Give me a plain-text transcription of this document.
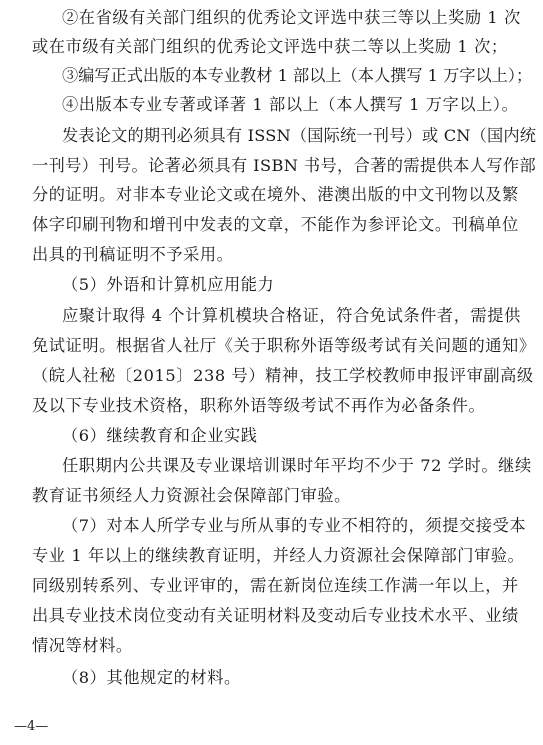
②在省级有关部门组织的优秀论文评选中获三等以上奖励 1 次
或在市级有关部门组织的优秀论文评选中获二等以上奖励 1 次；
③编写正式出版的本专业教材 1 部以上（本人撰写 1 万字以上）；
④出版本专业专著或译著 1 部以上（本人撰写 1 万字以上）。
发表论文的期刊必须具有 ISSN（国际统一刊号）或 CN（国内统
一刊号）刊号。论著必须具有 ISBN 书号，合著的需提供本人写作部
分的证明。对非本专业论文或在境外、港澳出版的中文刊物以及繁
体字印刷刊物和增刊中发表的文章，不能作为参评论文。刊稿单位
出具的刊稿证明不予采用。
（5）外语和计算机应用能力
应聚计取得 4 个计算机模块合格证，符合免试条件者，需提供
免试证明。根据省人社厅《关于职称外语等级考试有关问题的通知》
（皖人社秘〔2015〕238 号）精神，技工学校教师申报评审副高级
及以下专业技术资格，职称外语等级考试不再作为必备条件。
（6）继续教育和企业实践
任职期内公共课及专业课培训课时年平均不少于 72 学时。继续
教育证书须经人力资源社会保障部门审验。
（7）对本人所学专业与所从事的专业不相符的，须提交接受本
专业 1 年以上的继续教育证明，并经人力资源社会保障部门审验。
同级别转系列、专业评审的，需在新岗位连续工作满一年以上，并
出具专业技术岗位变动有关证明材料及变动后专业技术水平、业绩
情况等材料。
（8）其他规定的材料。
—4—
